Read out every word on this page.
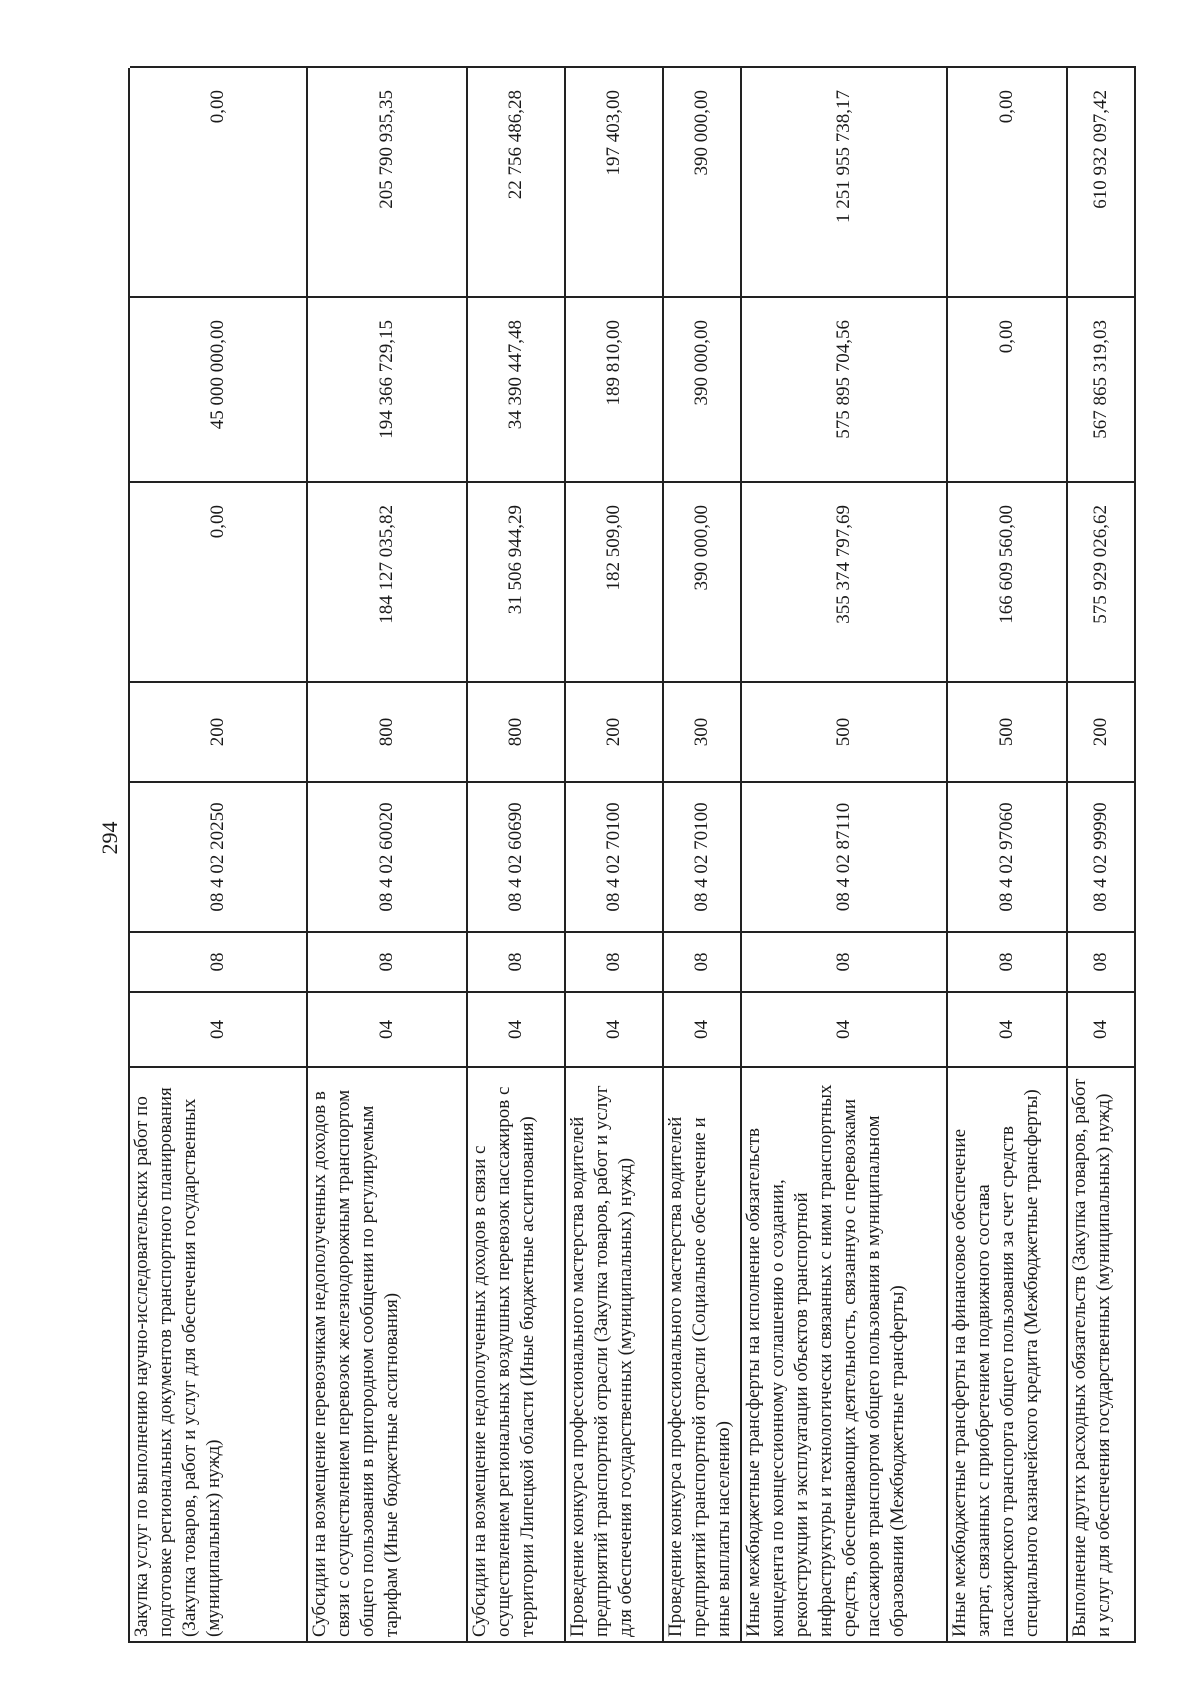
294
Закупка услуг по выполнению научно-исследовательских работ по подготовке региональных документов транспортного планирования (Закупка товаров, работ и услуг для обеспечения государственных (муниципальных) нужд)
04
08
08 4 02 20250
200
0,00
45 000 000,00
0,00
Субсидии на возмещение перевозчикам недополученных доходов в связи с осуществлением перевозок железнодорожным транспортом общего пользования в пригородном сообщении по регулируемым тарифам (Иные бюджетные ассигнования)
04
08
08 4 02 60020
800
184 127 035,82
194 366 729,15
205 790 935,35
Субсидии на возмещение недополученных доходов в связи с осуществлением региональных воздушных перевозок пассажиров с территории Липецкой области (Иные бюджетные ассигнования)
04
08
08 4 02 60690
800
31 506 944,29
34 390 447,48
22 756 486,28
Проведение конкурса профессионального мастерства водителей предприятий транспортной отрасли (Закупка товаров, работ и услуг для обеспечения государственных (муниципальных) нужд)
04
08
08 4 02 70100
200
182 509,00
189 810,00
197 403,00
Проведение конкурса профессионального мастерства водителей предприятий транспортной отрасли (Социальное обеспечение и иные выплаты населению)
04
08
08 4 02 70100
300
390 000,00
390 000,00
390 000,00
Иные межбюджетные трансферты на исполнение обязательств концедента по концессионному соглашению о создании, реконструкции и эксплуатации объектов транспортной инфраструктуры и технологически связанных с ними транспортных средств, обеспечивающих деятельность, связанную с перевозками пассажиров транспортом общего пользования в муниципальном образовании (Межбюджетные трансферты)
04
08
08 4 02 87110
500
355 374 797,69
575 895 704,56
1 251 955 738,17
Иные межбюджетные трансферты на финансовое обеспечение затрат, связанных с приобретением подвижного состава пассажирского транспорта общего пользования за счет средств специального казначейского кредита (Межбюджетные трансферты)
04
08
08 4 02 97060
500
166 609 560,00
0,00
0,00
Выполнение других расходных обязательств (Закупка товаров, работ и услуг для обеспечения государственных (муниципальных) нужд)
04
08
08 4 02 99990
200
575 929 026,62
567 865 319,03
610 932 097,42
